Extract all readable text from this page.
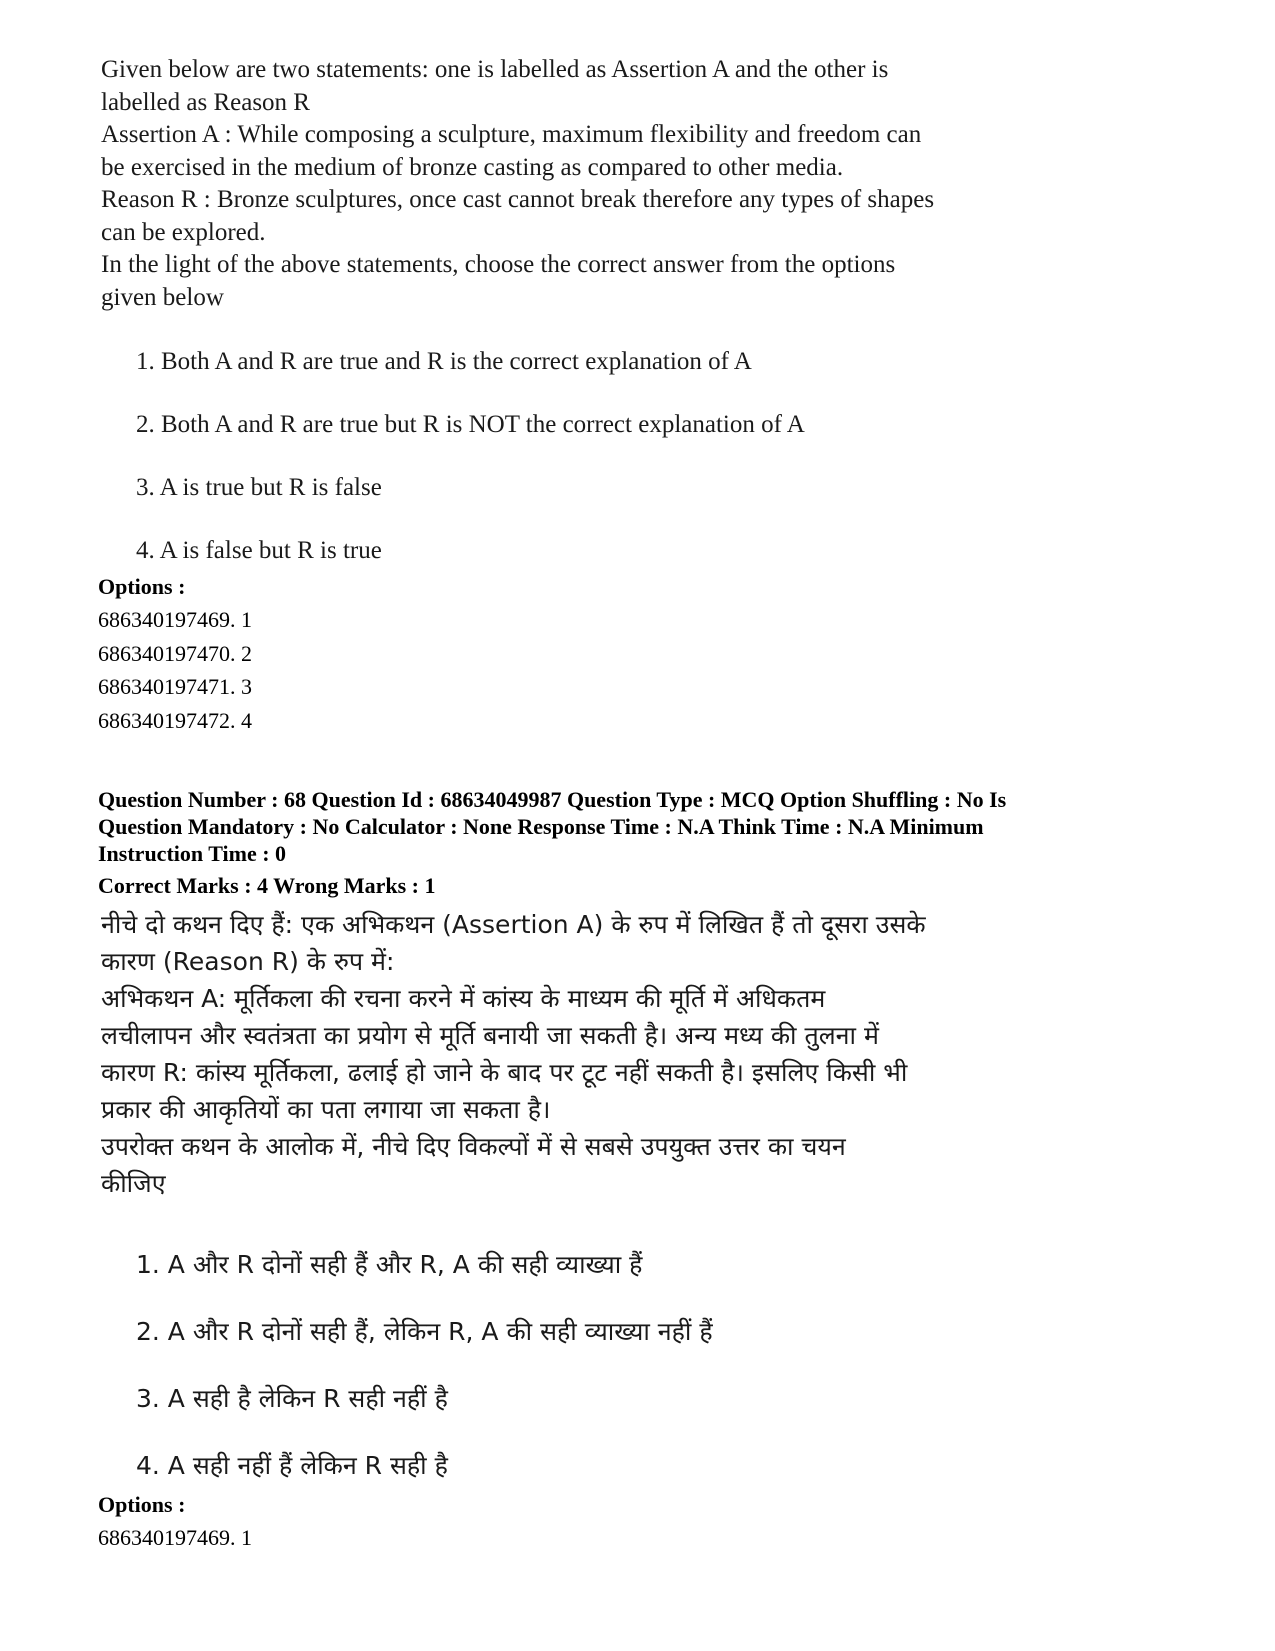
Given below are two statements: one is labelled as Assertion A and the other is
labelled as Reason R
Assertion A : While composing a sculpture, maximum flexibility and freedom can
be exercised in the medium of bronze casting as compared to other media.
Reason R : Bronze sculptures, once cast cannot break therefore any types of shapes
can be explored.
In the light of the above statements, choose the correct answer from the options
given below
1. Both A and R are true and R is the correct explanation of A
2. Both A and R are true but R is NOT the correct explanation of A
3. A is true but R is false
4. A is false but R is true
Options :
686340197469. 1
686340197470. 2
686340197471. 3
686340197472. 4
Question Number : 68 Question Id : 68634049987 Question Type : MCQ Option Shuffling : No Is
Question Mandatory : No Calculator : None Response Time : N.A Think Time : N.A Minimum
Instruction Time : 0
Correct Marks : 4 Wrong Marks : 1
नीचे दो कथन दिए हैं: एक अभिकथन (Assertion A) के रुप में लिखित हैं तो दूसरा उसके
कारण (Reason R) के रुप में:
अभिकथन A: मूर्तिकला की रचना करने में कांस्य के माध्यम की मूर्ति में अधिकतम
लचीलापन और स्वतंत्रता का प्रयोग से मूर्ति बनायी जा सकती है। अन्य मध्य की तुलना में
कारण R: कांस्य मूर्तिकला, ढलाई हो जाने के बाद पर टूट नहीं सकती है। इसलिए किसी भी
प्रकार की आकृतियों का पता लगाया जा सकता है।
उपरोक्त कथन के आलोक में, नीचे दिए विकल्पों में से सबसे उपयुक्त उत्तर का चयन
कीजिए
1. A और R दोनों सही हैं और R, A की सही व्याख्या हैं
2. A और R दोनों सही हैं, लेकिन R, A की सही व्याख्या नहीं हैं
3. A सही है लेकिन R सही नहीं है
4. A सही नहीं हैं लेकिन R सही है
Options :
686340197469. 1
